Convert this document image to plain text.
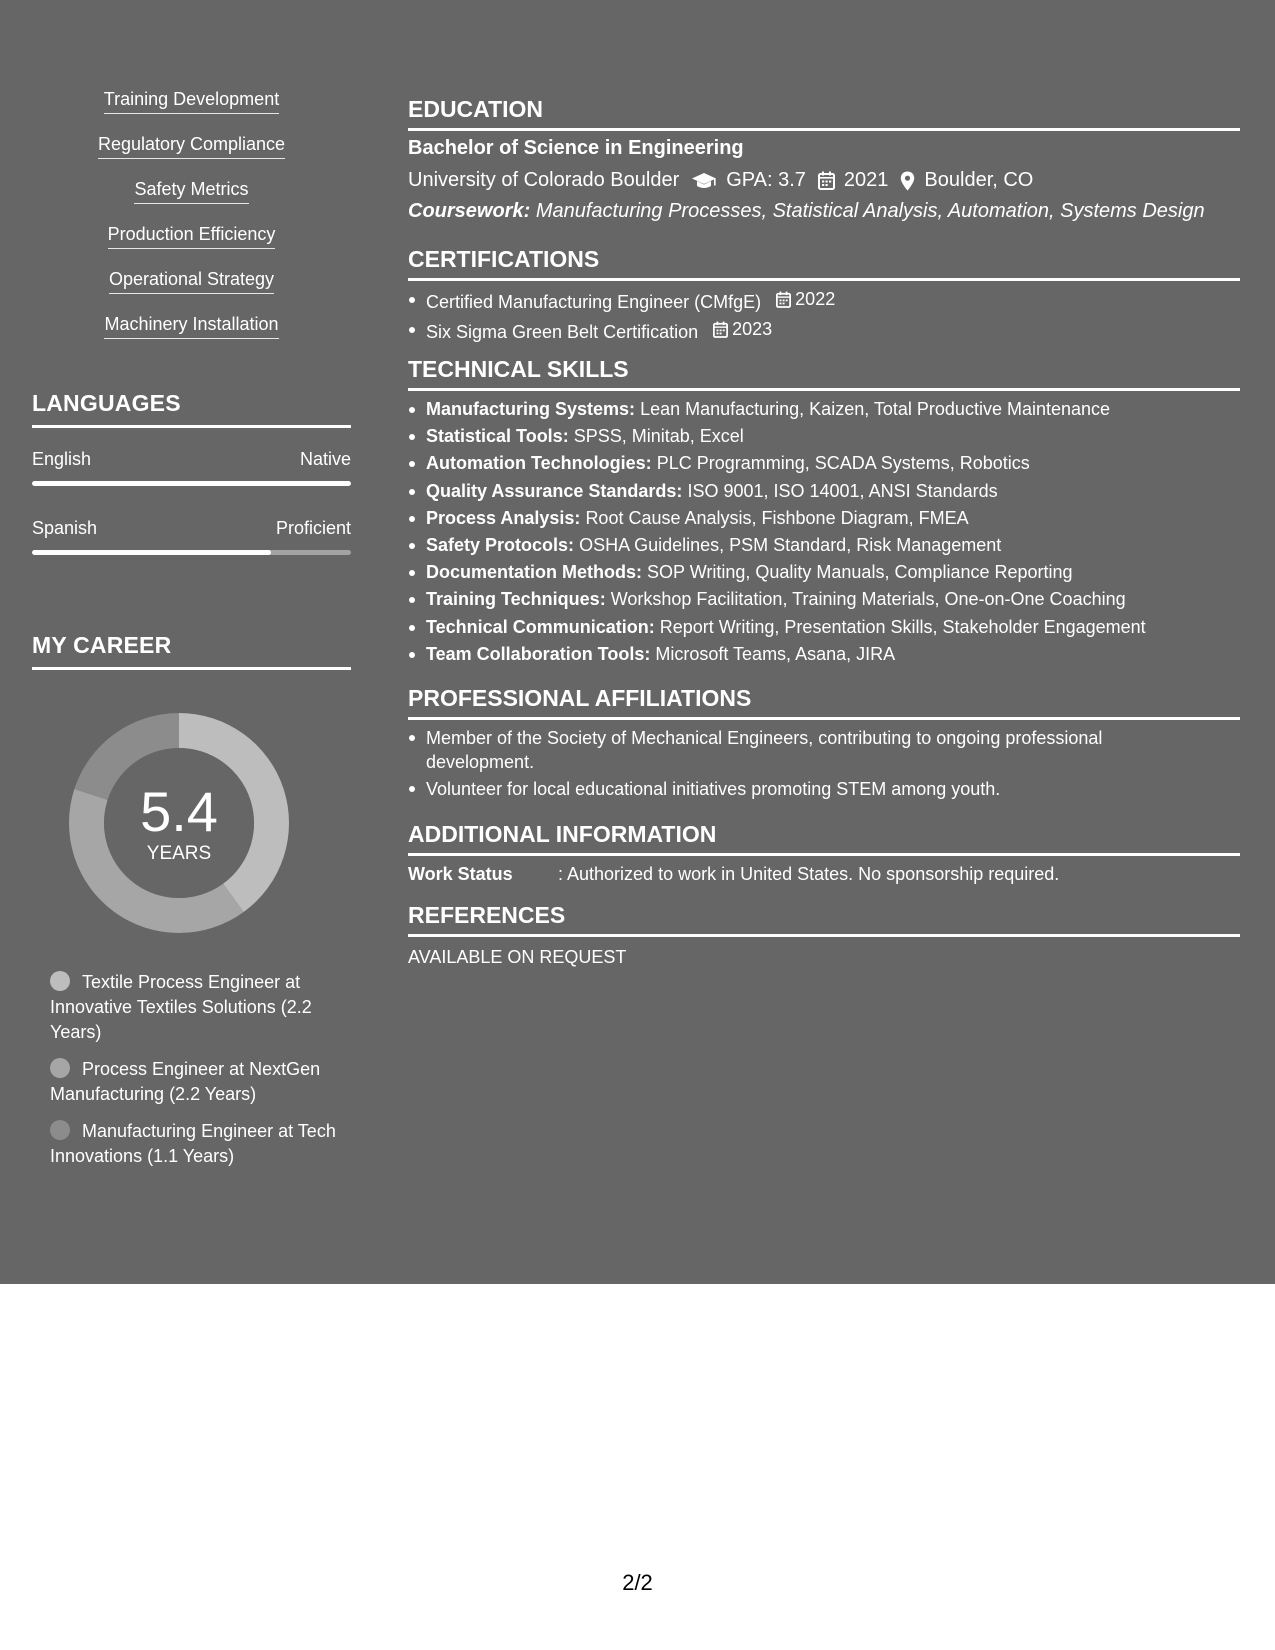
Training Development
Regulatory Compliance
Safety Metrics
Production Efficiency
Operational Strategy
Machinery Installation
LANGUAGES
English	Native
Spanish	Proficient
MY CAREER
5.4
YEARS
Textile Process Engineer at Innovative Textiles Solutions (2.2 Years)
Process Engineer at NextGen Manufacturing (2.2 Years)
Manufacturing Engineer at Tech Innovations (1.1 Years)
EDUCATION
Bachelor of Science in Engineering
University of Colorado Boulder GPA: 3.7 2021 Boulder, CO
Coursework: Manufacturing Processes, Statistical Analysis, Automation, Systems Design
CERTIFICATIONS
Certified Manufacturing Engineer (CMfgE) 2022
Six Sigma Green Belt Certification 2023
TECHNICAL SKILLS
Manufacturing Systems: Lean Manufacturing, Kaizen, Total Productive Maintenance
Statistical Tools: SPSS, Minitab, Excel
Automation Technologies: PLC Programming, SCADA Systems, Robotics
Quality Assurance Standards: ISO 9001, ISO 14001, ANSI Standards
Process Analysis: Root Cause Analysis, Fishbone Diagram, FMEA
Safety Protocols: OSHA Guidelines, PSM Standard, Risk Management
Documentation Methods: SOP Writing, Quality Manuals, Compliance Reporting
Training Techniques: Workshop Facilitation, Training Materials, One-on-One Coaching
Technical Communication: Report Writing, Presentation Skills, Stakeholder Engagement
Team Collaboration Tools: Microsoft Teams, Asana, JIRA
PROFESSIONAL AFFILIATIONS
Member of the Society of Mechanical Engineers, contributing to ongoing professional development.
Volunteer for local educational initiatives promoting STEM among youth.
ADDITIONAL INFORMATION
Work Status	: Authorized to work in United States. No sponsorship required.
REFERENCES
AVAILABLE ON REQUEST
2/2
